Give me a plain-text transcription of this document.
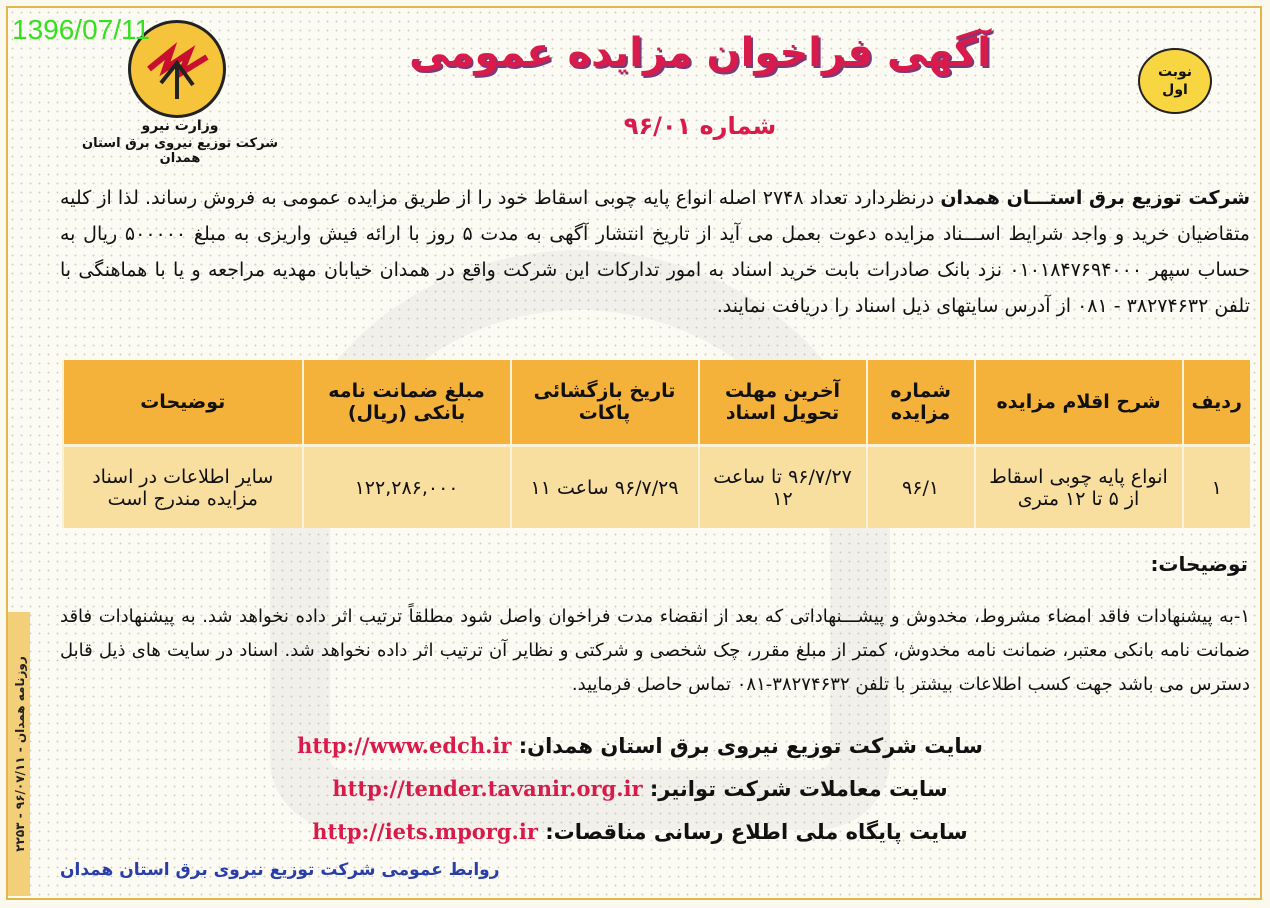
روزنامه همدان - ۹۶/۰۷/۱۱ - ۲۲۵۳
1396/07/11
وزارت نیرو
شرکت توزیع نیروی برق استان همدان
آگهی فراخوان مزایده عمومی
شماره ۹۶/۰۱
نوبت
اول
شرکت توزیع برق استـــان همدان درنظردارد تعداد ۲۷۴۸ اصله انواع پایه چوبی اسقاط خود را از طریق مزایده عمومی به فروش رساند. لذا از کلیه متقاضیان خرید و واجد شرایط اســـناد مزایده دعوت بعمل می آید از تاریخ انتشار آگهی به مدت ۵ روز با ارائه فیش واریزی به مبلغ ۵۰۰۰۰۰ ریال به حساب سپهر ۰۱۰۱۸۴۷۶۹۴۰۰۰ نزد بانک صادرات بابت خرید اسناد به امور تدارکات این شرکت واقع در همدان خیابان مهدیه مراجعه و یا با هماهنگی با تلفن ۳۸۲۷۴۶۳۲ - ۰۸۱ از آدرس سایتهای ذیل اسناد را دریافت نمایند.
ردیف	شرح اقلام مزایده	شماره مزایده	آخرین مهلت تحویل اسناد	تاریخ بازگشائی پاکات	مبلغ ضمانت نامه بانکی (ریال)	توضیحات
۱	انواع پایه چوبی اسقاط از ۵ تا ۱۲ متری	۹۶/۱	۹۶/۷/۲۷ تا ساعت ۱۲	۹۶/۷/۲۹ ساعت ۱۱	۱۲۲,۲۸۶,۰۰۰	سایر اطلاعات در اسناد مزایده مندرج است
توضیحات:
۱-به پیشنهادات فاقد امضاء مشروط، مخدوش و پیشـــنهاداتی که بعد از انقضاء مدت فراخوان واصل شود مطلقاً ترتیب اثر داده نخواهد شد. به پیشنهادات فاقد ضمانت نامه بانکی معتبر، ضمانت نامه مخدوش، کمتر از مبلغ مقرر، چک شخصی و شرکتی و نظایر آن ترتیب اثر داده نخواهد شد. اسناد در سایت های ذیل قابل دسترس می باشد جهت کسب اطلاعات بیشتر با تلفن ۳۸۲۷۴۶۳۲-۰۸۱ تماس حاصل فرمایید.
سایت شرکت توزیع نیروی برق استان همدان: http://www.edch.ir
سایت معاملات شرکت توانیر: http://tender.tavanir.org.ir
سایت پایگاه ملی اطلاع رسانی مناقصات: http://iets.mporg.ir
روابط عمومی شرکت توزیع نیروی برق استان همدان
